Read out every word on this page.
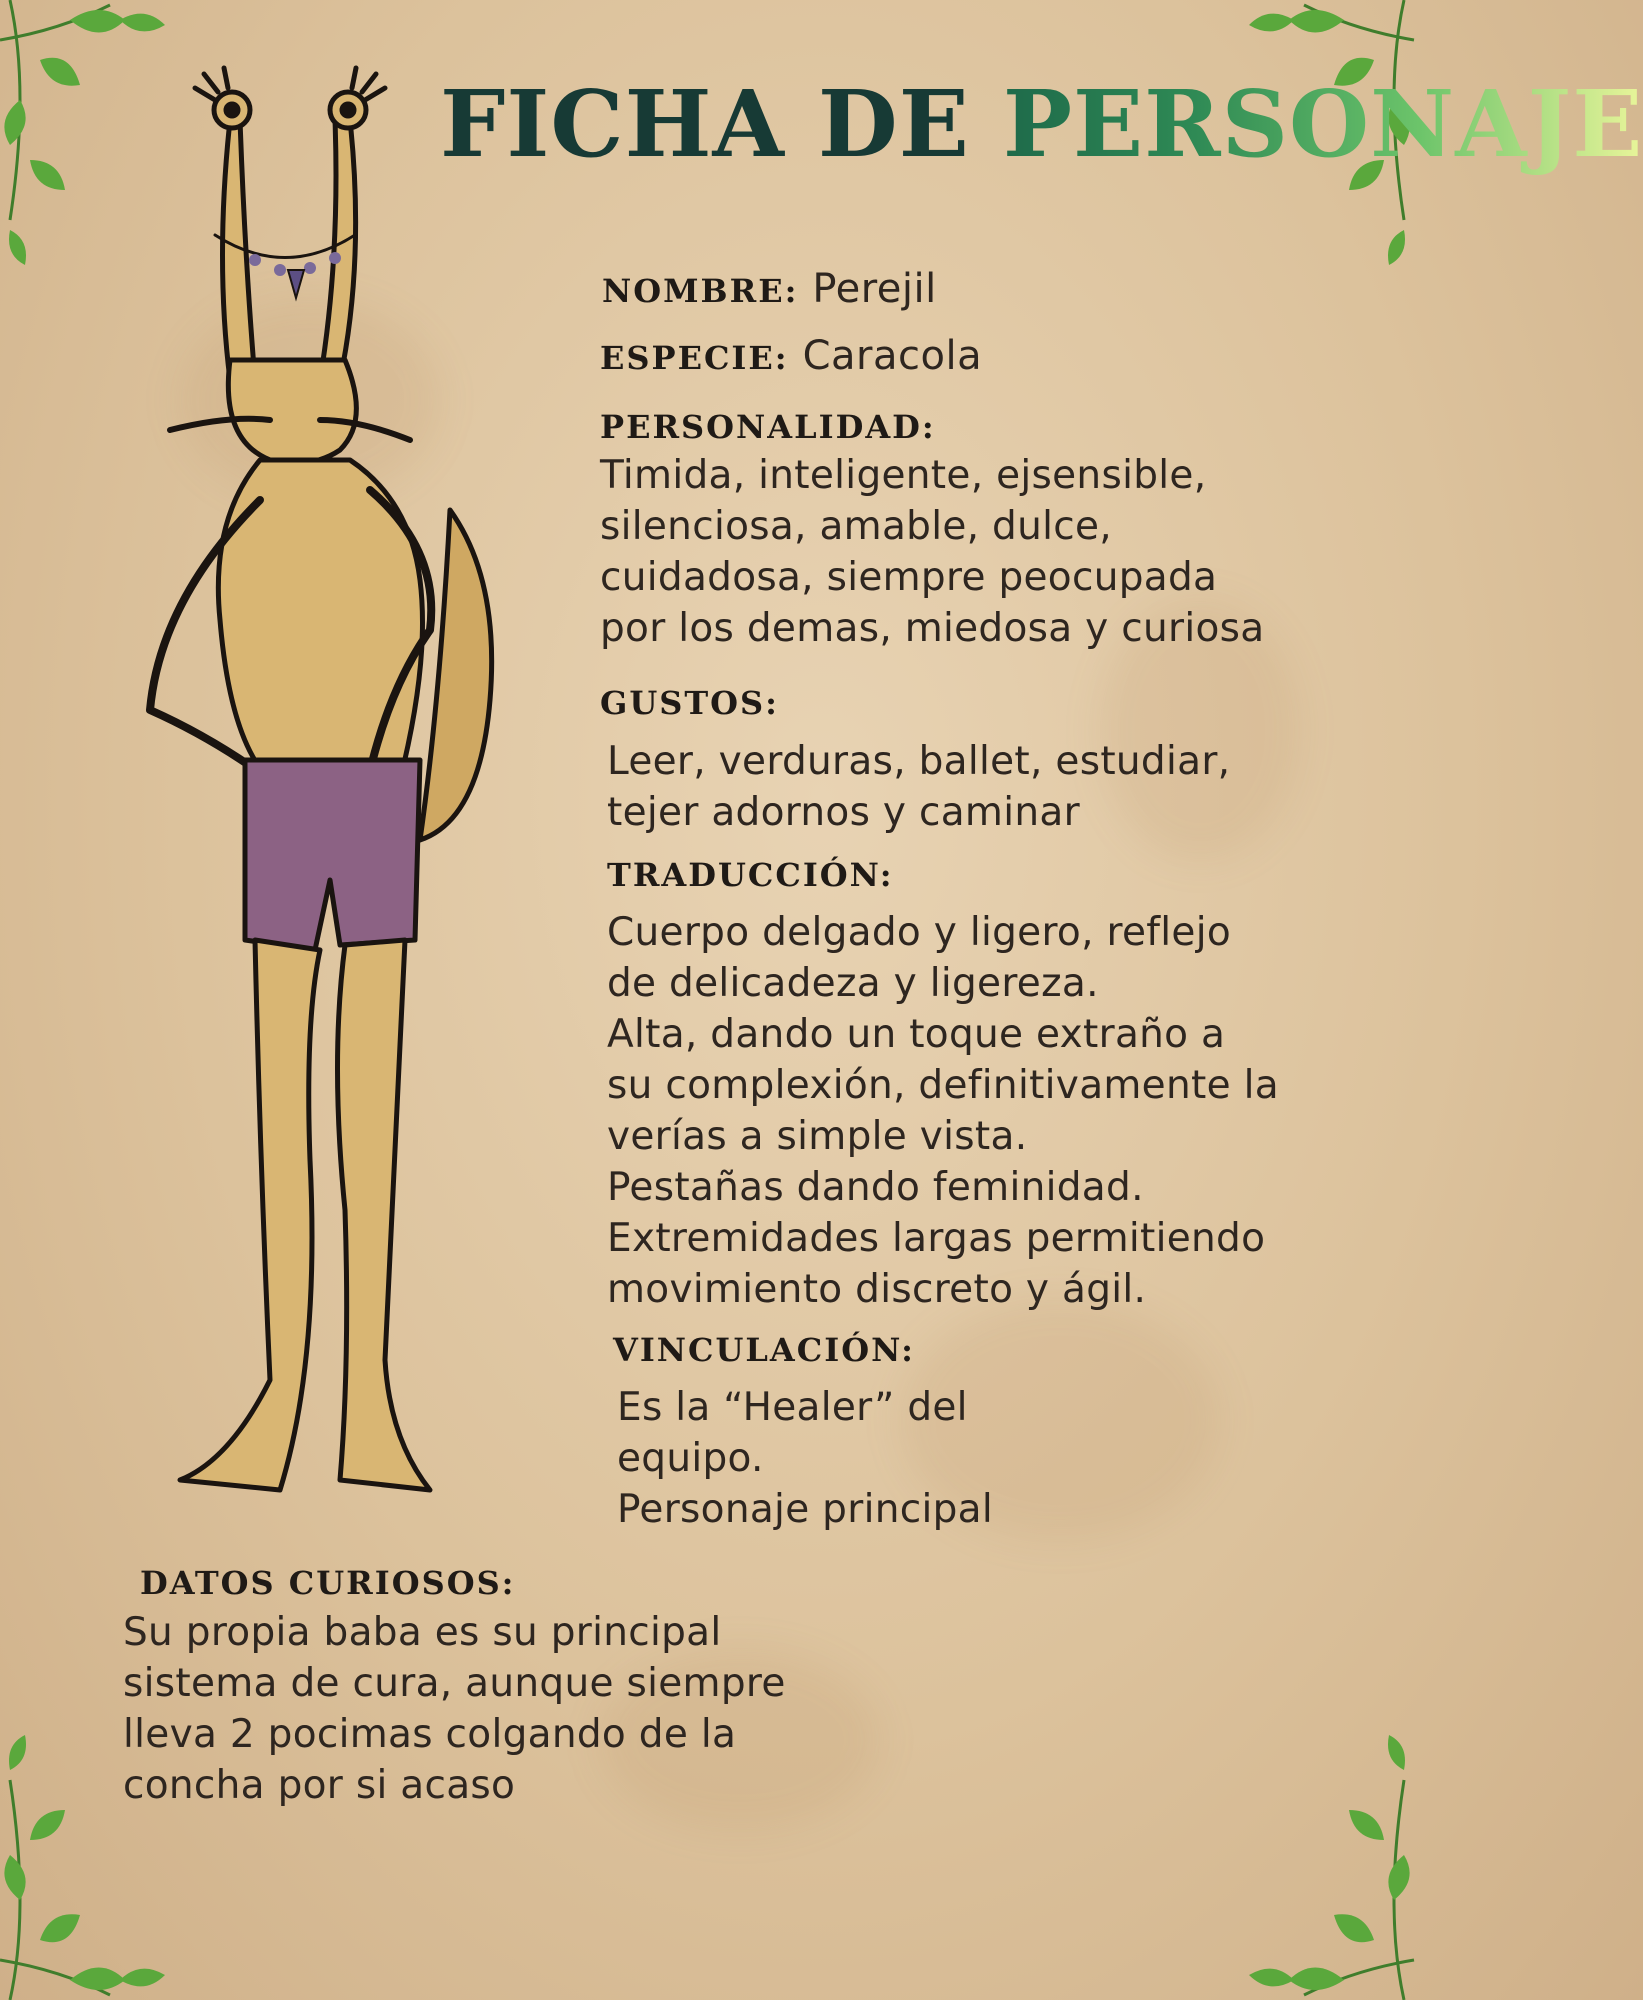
FICHA DE PERSONAJE
NOMBRE: Perejil
ESPECIE: Caracola
PERSONALIDAD:
Timida, inteligente, ejsensible,
silenciosa, amable, dulce,
cuidadosa, siempre peocupada
por los demas, miedosa y curiosa
GUSTOS:
Leer, verduras, ballet, estudiar,
tejer adornos y caminar
TRADUCCIÓN:
Cuerpo delgado y ligero, reflejo
de delicadeza y ligereza.
Alta, dando un toque extraño a
su complexión, definitivamente la
verías a simple vista.
Pestañas dando feminidad.
Extremidades largas permitiendo
movimiento discreto y ágil.
VINCULACIÓN:
Es la “Healer” del
equipo.
Personaje principal
DATOS CURIOSOS:
Su propia baba es su principal
sistema de cura, aunque siempre
lleva 2 pocimas colgando de la
concha por si acaso
